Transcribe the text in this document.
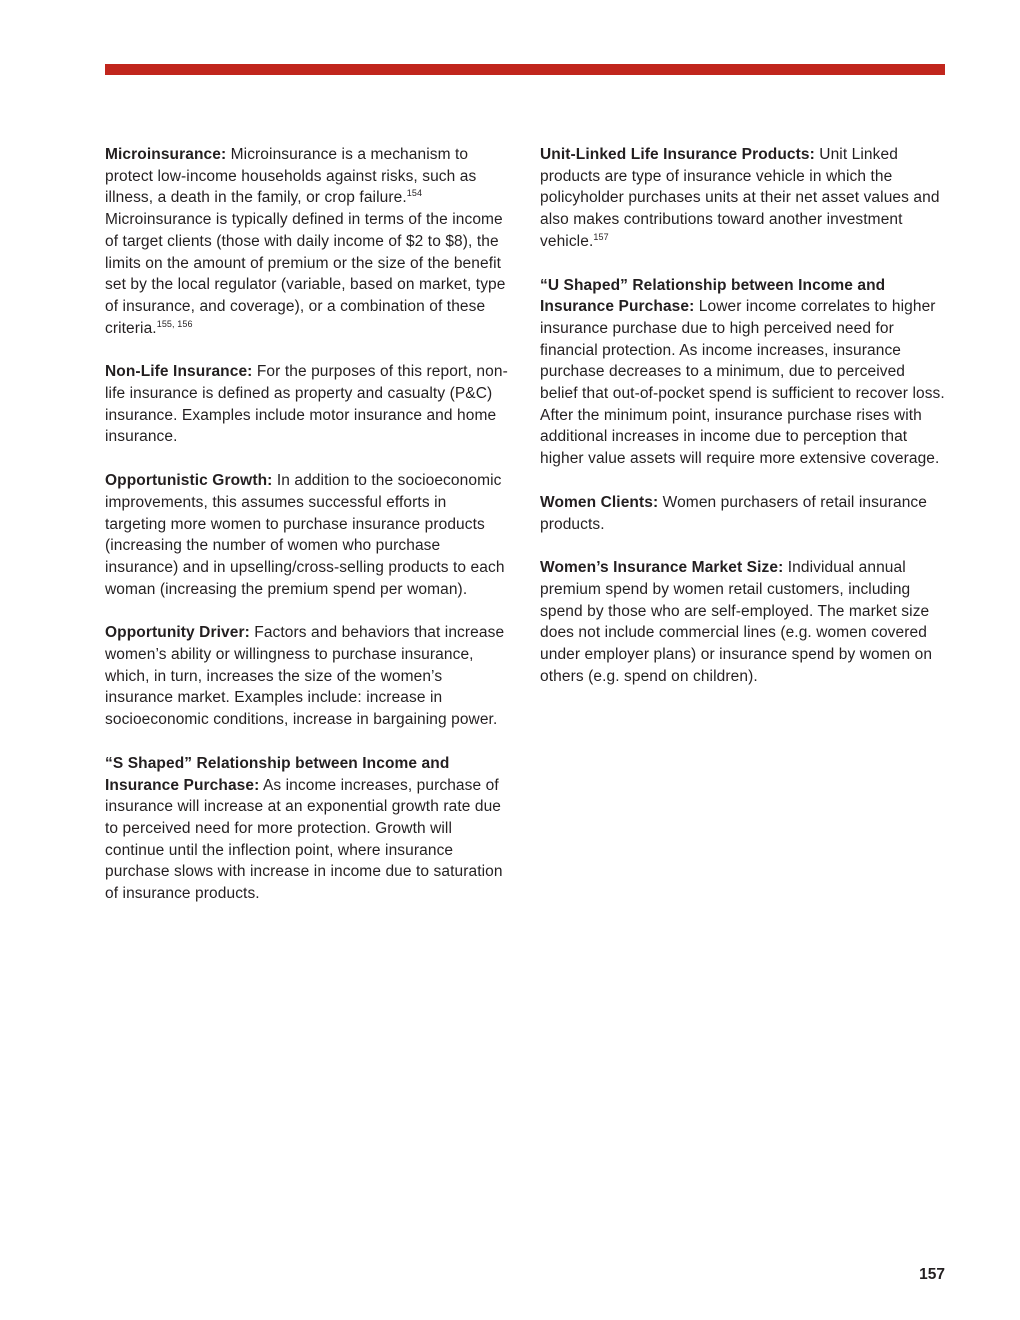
Microinsurance: Microinsurance is a mechanism to protect low-income households against risks, such as illness, a death in the family, or crop failure.$^{154}$ Microinsurance is typically defined in terms of the income of target clients (those with daily income of $2 to $8), the limits on the amount of premium or the size of the benefit set by the local regulator (variable, based on market, type of insurance, and coverage), or a combination of these criteria.$^{155, 156}$

Non-Life Insurance: For the purposes of this report, non-life insurance is defined as property and casualty (P&C) insurance. Examples include motor insurance and home insurance.

Opportunistic Growth: In addition to the socioeconomic improvements, this assumes successful efforts in targeting more women to purchase insurance products (increasing the number of women who purchase insurance) and in upselling/cross-selling products to each woman (increasing the premium spend per woman).

Opportunity Driver: Factors and behaviors that increase women’s ability or willingness to purchase insurance, which, in turn, increases the size of the women’s insurance market. Examples include: increase in socioeconomic conditions, increase in bargaining power.

“S Shaped” Relationship between Income and Insurance Purchase: As income increases, purchase of insurance will increase at an exponential growth rate due to perceived need for more protection. Growth will continue until the inflection point, where insurance purchase slows with increase in income due to saturation of insurance products.

Unit-Linked Life Insurance Products: Unit Linked products are type of insurance vehicle in which the policyholder purchases units at their net asset values and also makes contributions toward another investment vehicle.$^{157}$

“U Shaped” Relationship between Income and Insurance Purchase: Lower income correlates to higher insurance purchase due to high perceived need for financial protection. As income increases, insurance purchase decreases to a minimum, due to perceived belief that out-of-pocket spend is sufficient to recover loss. After the minimum point, insurance purchase rises with additional increases in income due to perception that higher value assets will require more extensive coverage.

Women Clients: Women purchasers of retail insurance products.

Women’s Insurance Market Size: Individual annual premium spend by women retail customers, including spend by those who are self-employed. The market size does not include commercial lines (e.g. women covered under employer plans) or insurance spend by women on others (e.g. spend on children).

157
